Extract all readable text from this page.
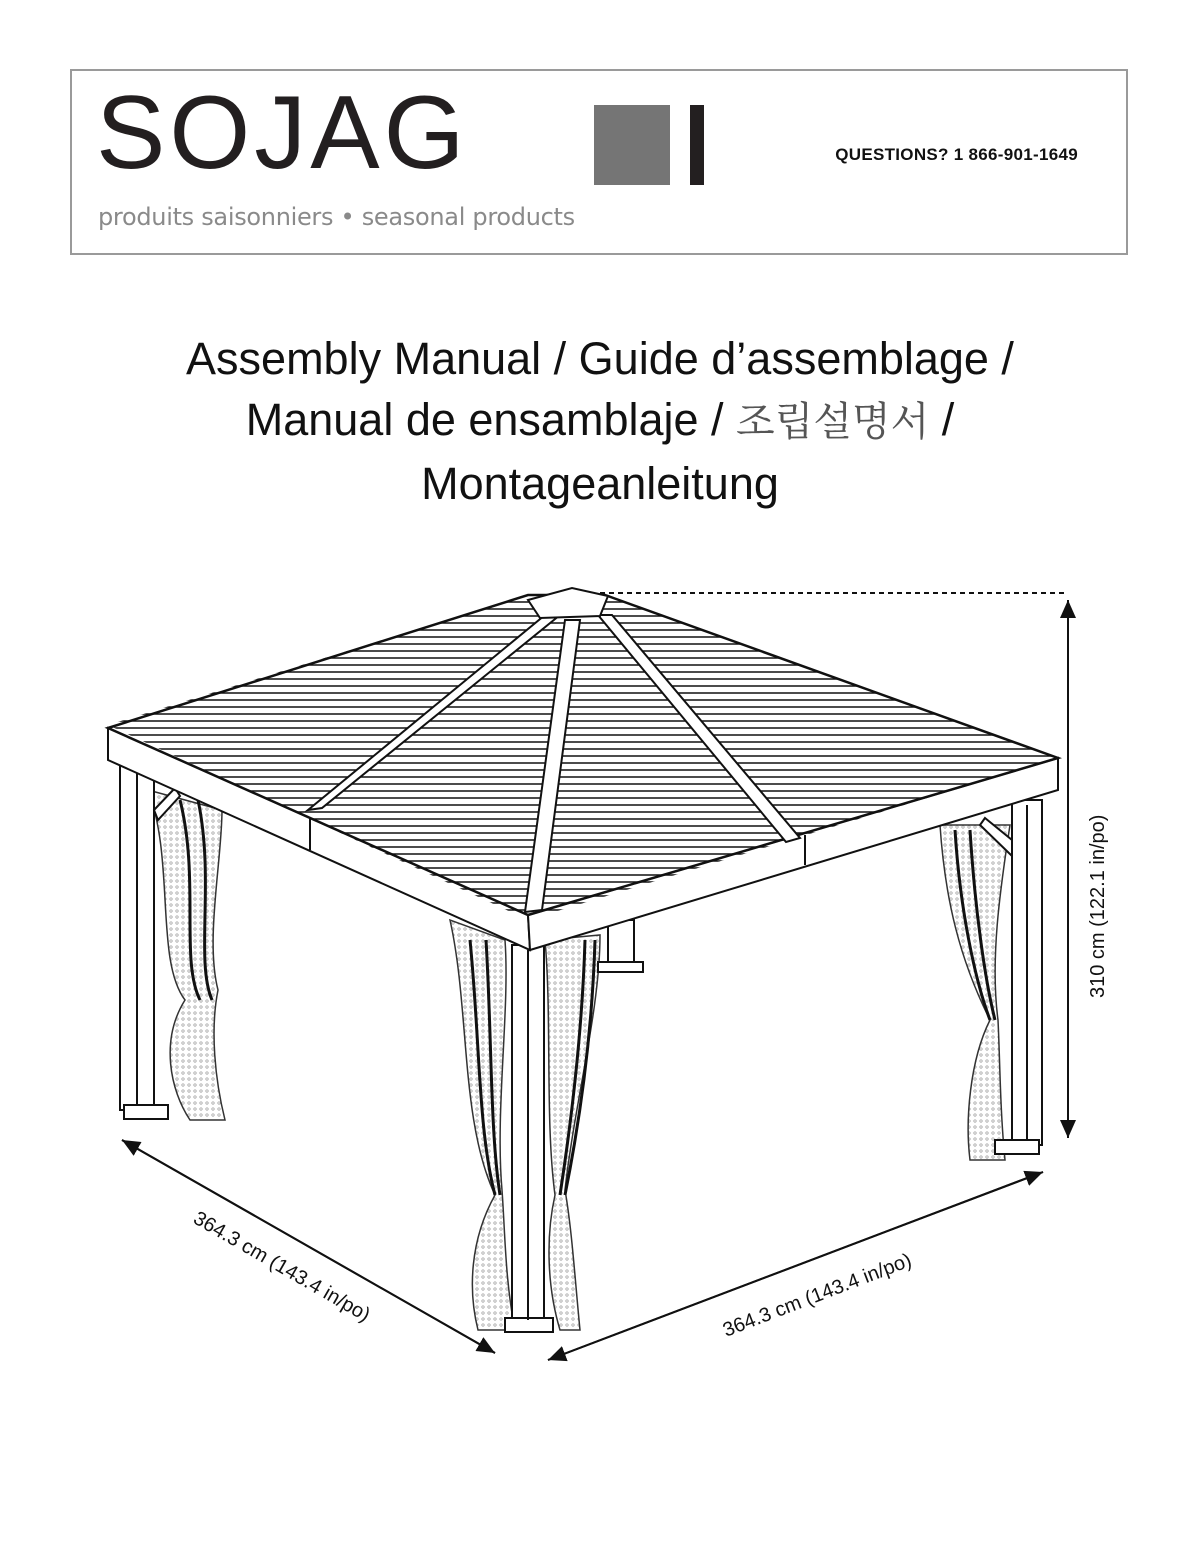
SOJAG
produits saisonniers • seasonal products
QUESTIONS? 1 866-901-1649
Assembly Manual / Guide d’assemblage /
Manual de ensamblaje / 조립설명서 /
Montageanleitung
310 cm (122.1 in/po)
364.3 cm (143.4 in/po)	364.3 cm (143.4 in/po)
